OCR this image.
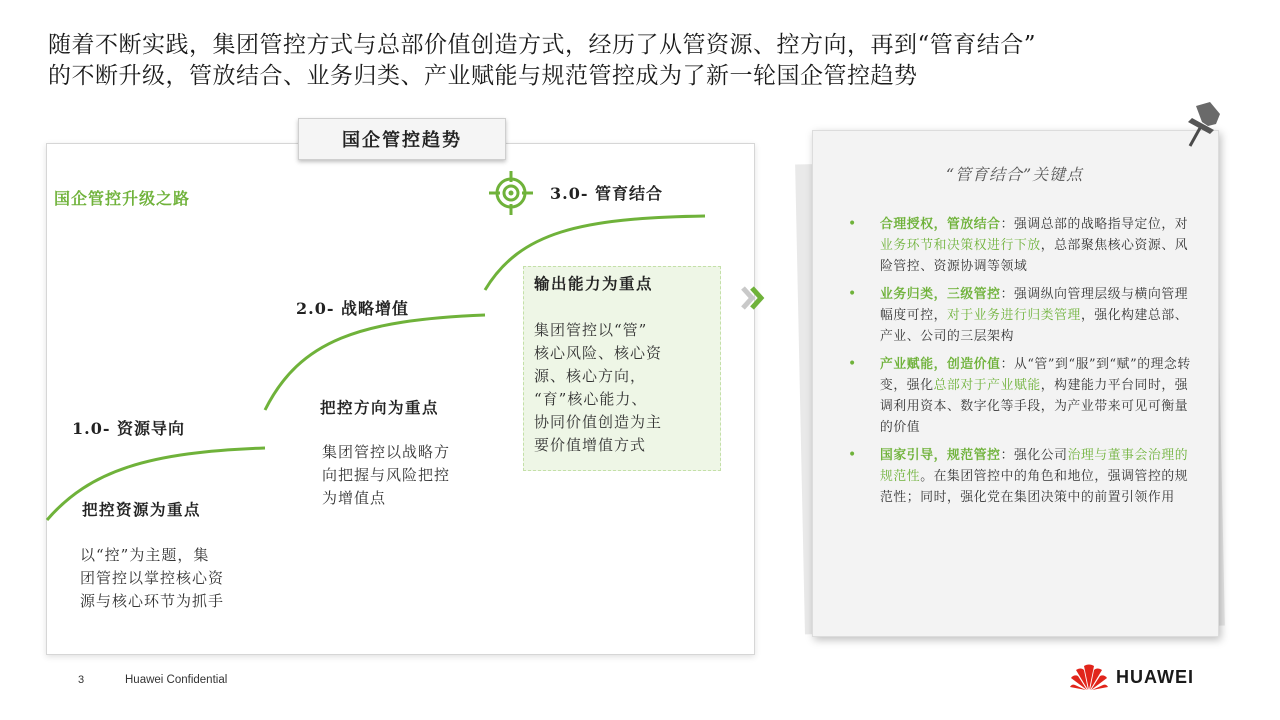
随着不断实践，集团管控方式与总部价值创造方式，经历了从管资源、控方向，再到“管育结合”
的不断升级，管放结合、业务归类、产业赋能与规范管控成为了新一轮国企管控趋势
国企管控趋势
国企管控升级之路
1.0- 资源导向
把控资源为重点
以“控”为主题，集
团管控以掌控核心资
源与核心环节为抓手
2.0- 战略增值
把控方向为重点
集团管控以战略方
向把握与风险把控
为增值点
3.0- 管育结合
输出能力为重点
集团管控以“管”
核心风险、核心资
源、核心方向，
“育”核心能力、
协同价值创造为主
要价值增值方式
“管育结合”关键点
• 合理授权，管放结合：强调总部的战略指导定位，对业务环节和决策权进行下放，总部聚焦核心资源、风险管控、资源协调等领域
• 业务归类，三级管控：强调纵向管理层级与横向管理幅度可控，对于业务进行归类管理，强化构建总部、产业、公司的三层架构
• 产业赋能，创造价值：从“管”到“服”到“赋”的理念转变，强化总部对于产业赋能，构建能力平台同时，强调利用资本、数字化等手段，为产业带来可见可衡量的价值
• 国家引导，规范管控：强化公司治理与董事会治理的规范性。在集团管控中的角色和地位，强调管控的规范性；同时，强化党在集团决策中的前置引领作用
3	Huawei Confidential	HUAWEI
